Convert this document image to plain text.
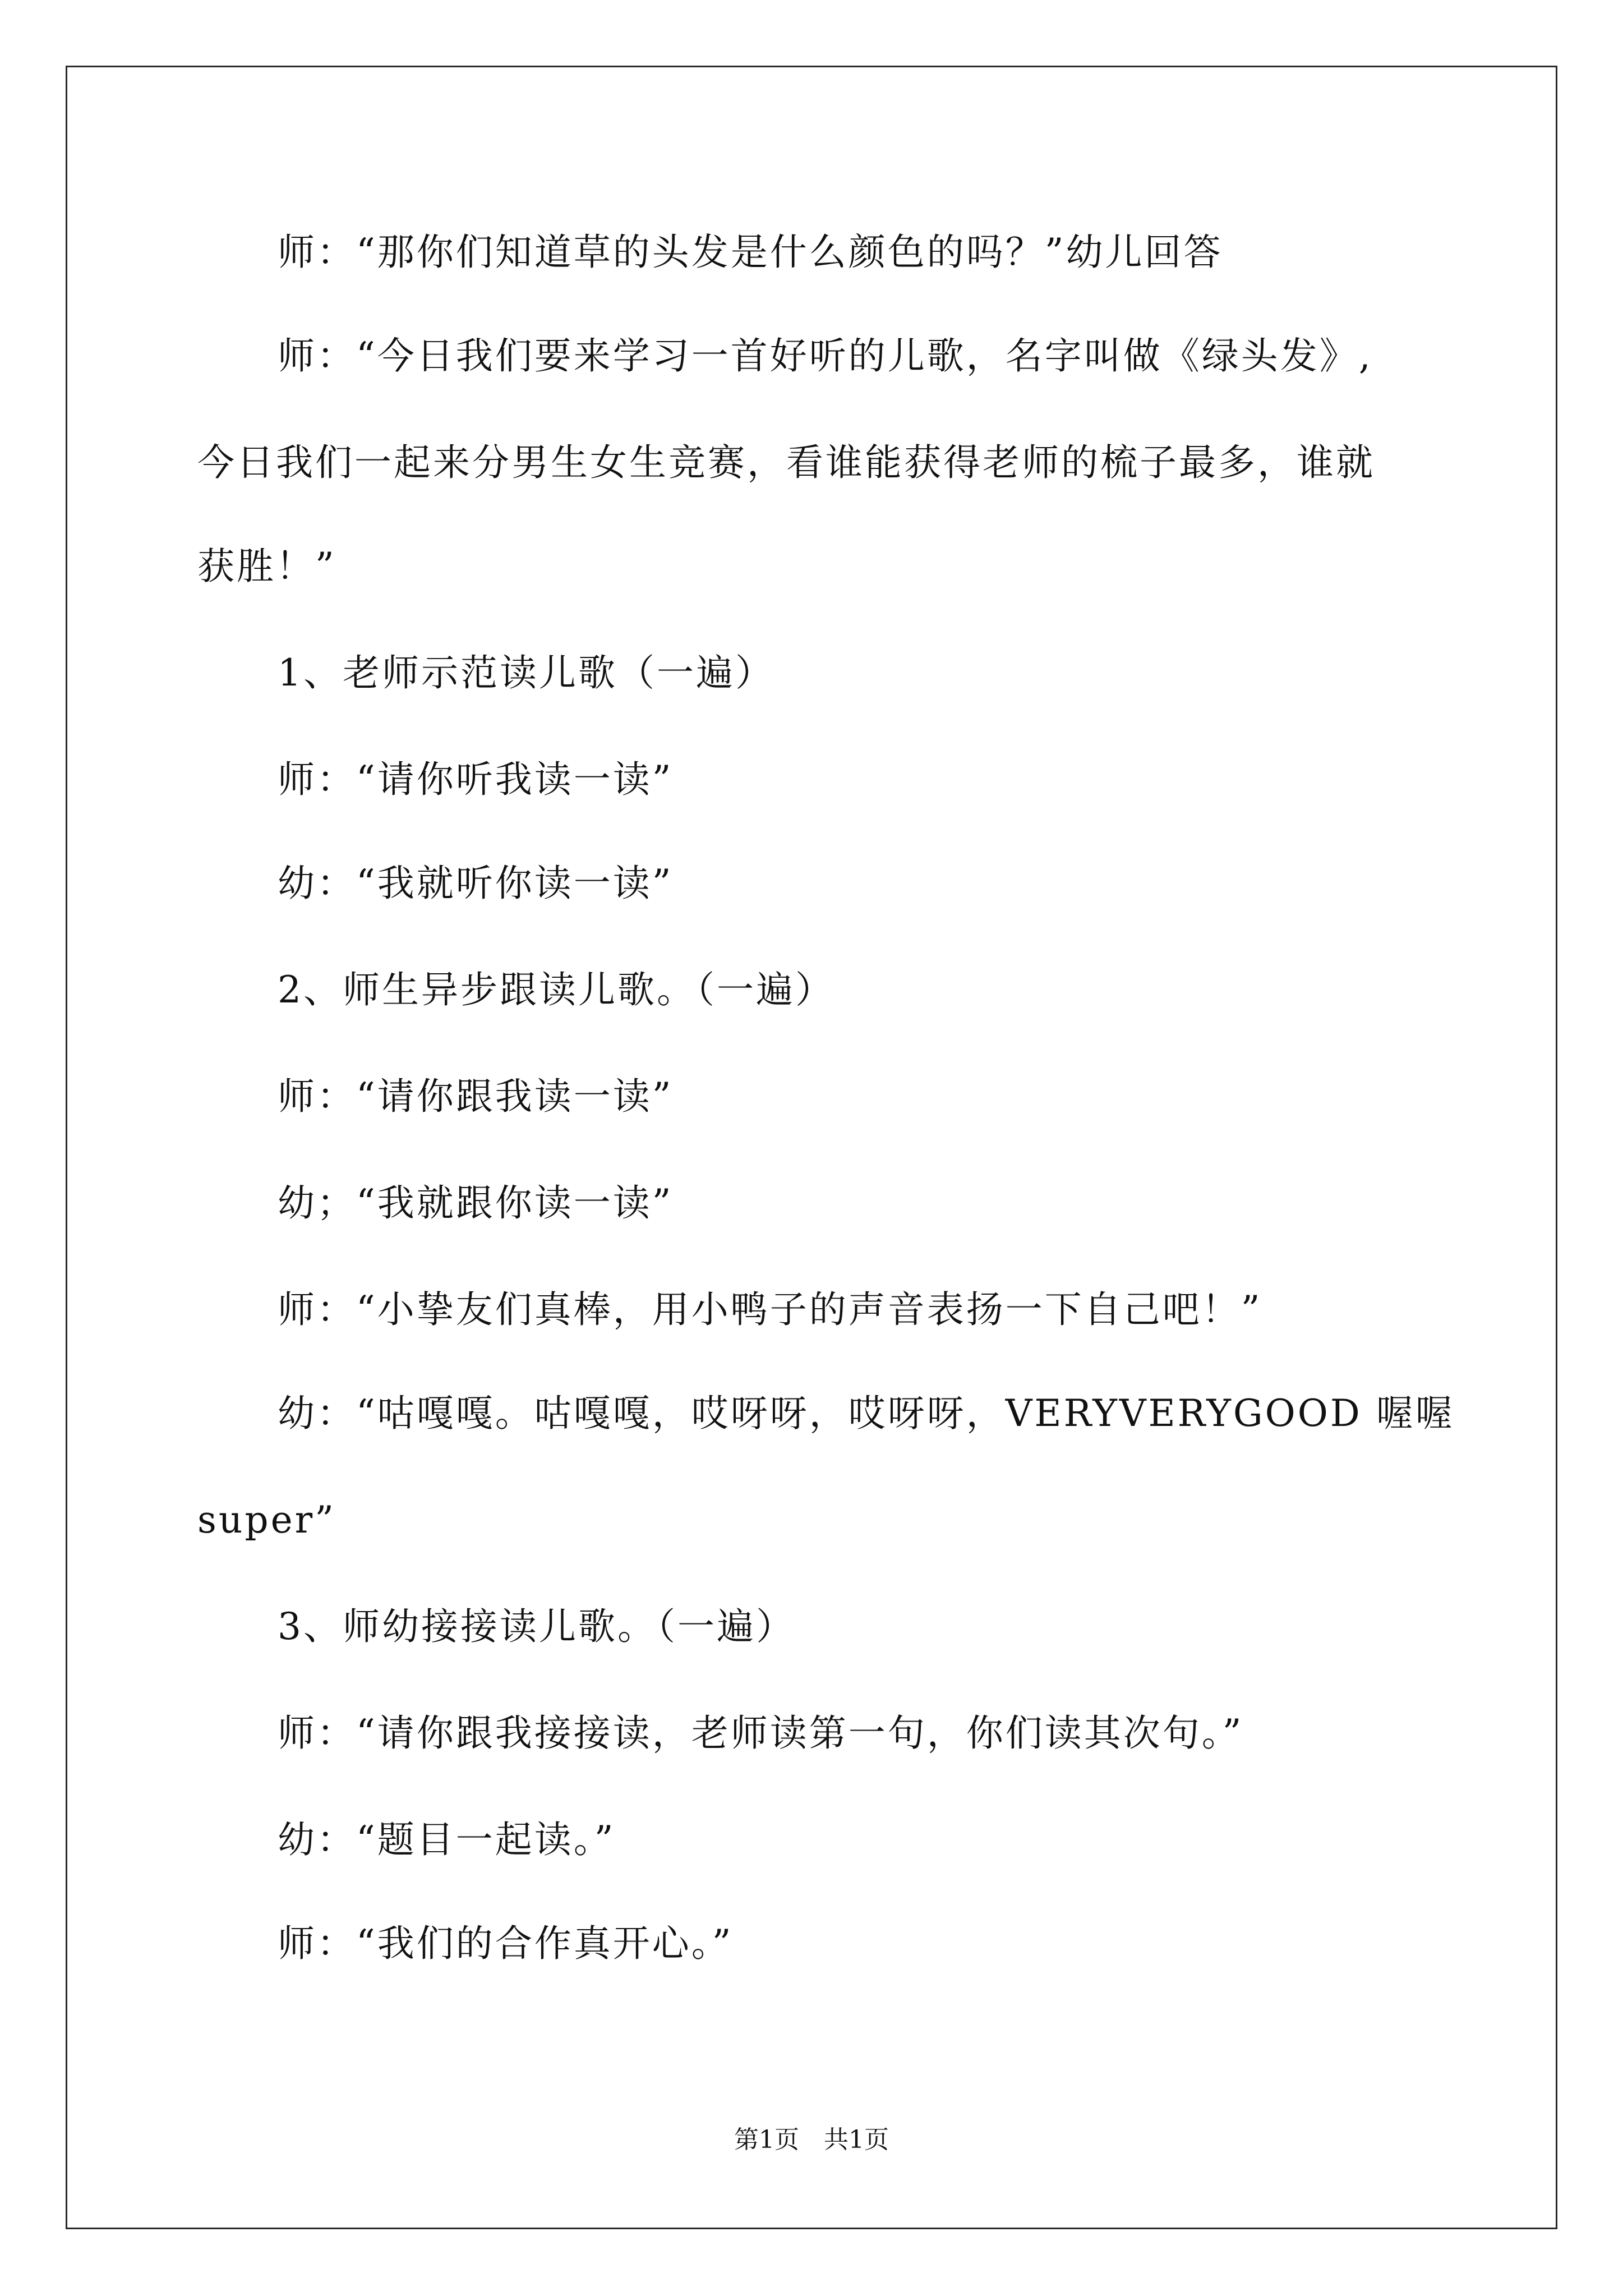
师：“那你们知道草的头发是什么颜色的吗？”幼儿回答

师：“今日我们要来学习一首好听的儿歌，名字叫做《绿头发》,

今日我们一起来分男生女生竞赛，看谁能获得老师的梳子最多，谁就

获胜！”

1、老师示范读儿歌（一遍）

师：“请你听我读一读”

幼：“我就听你读一读”

2、师生异步跟读儿歌。（一遍）

师：“请你跟我读一读”

幼；“我就跟你读一读”

师：“小挚友们真棒，用小鸭子的声音表扬一下自己吧！”

幼：“咕嘎嘎。咕嘎嘎，哎呀呀，哎呀呀，VERYVERYGOOD 喔喔

super”

3、师幼接接读儿歌。（一遍）

师：“请你跟我接接读，老师读第一句，你们读其次句。”

幼：“题目一起读。”

师：“我们的合作真开心。”

第1页　共1页
